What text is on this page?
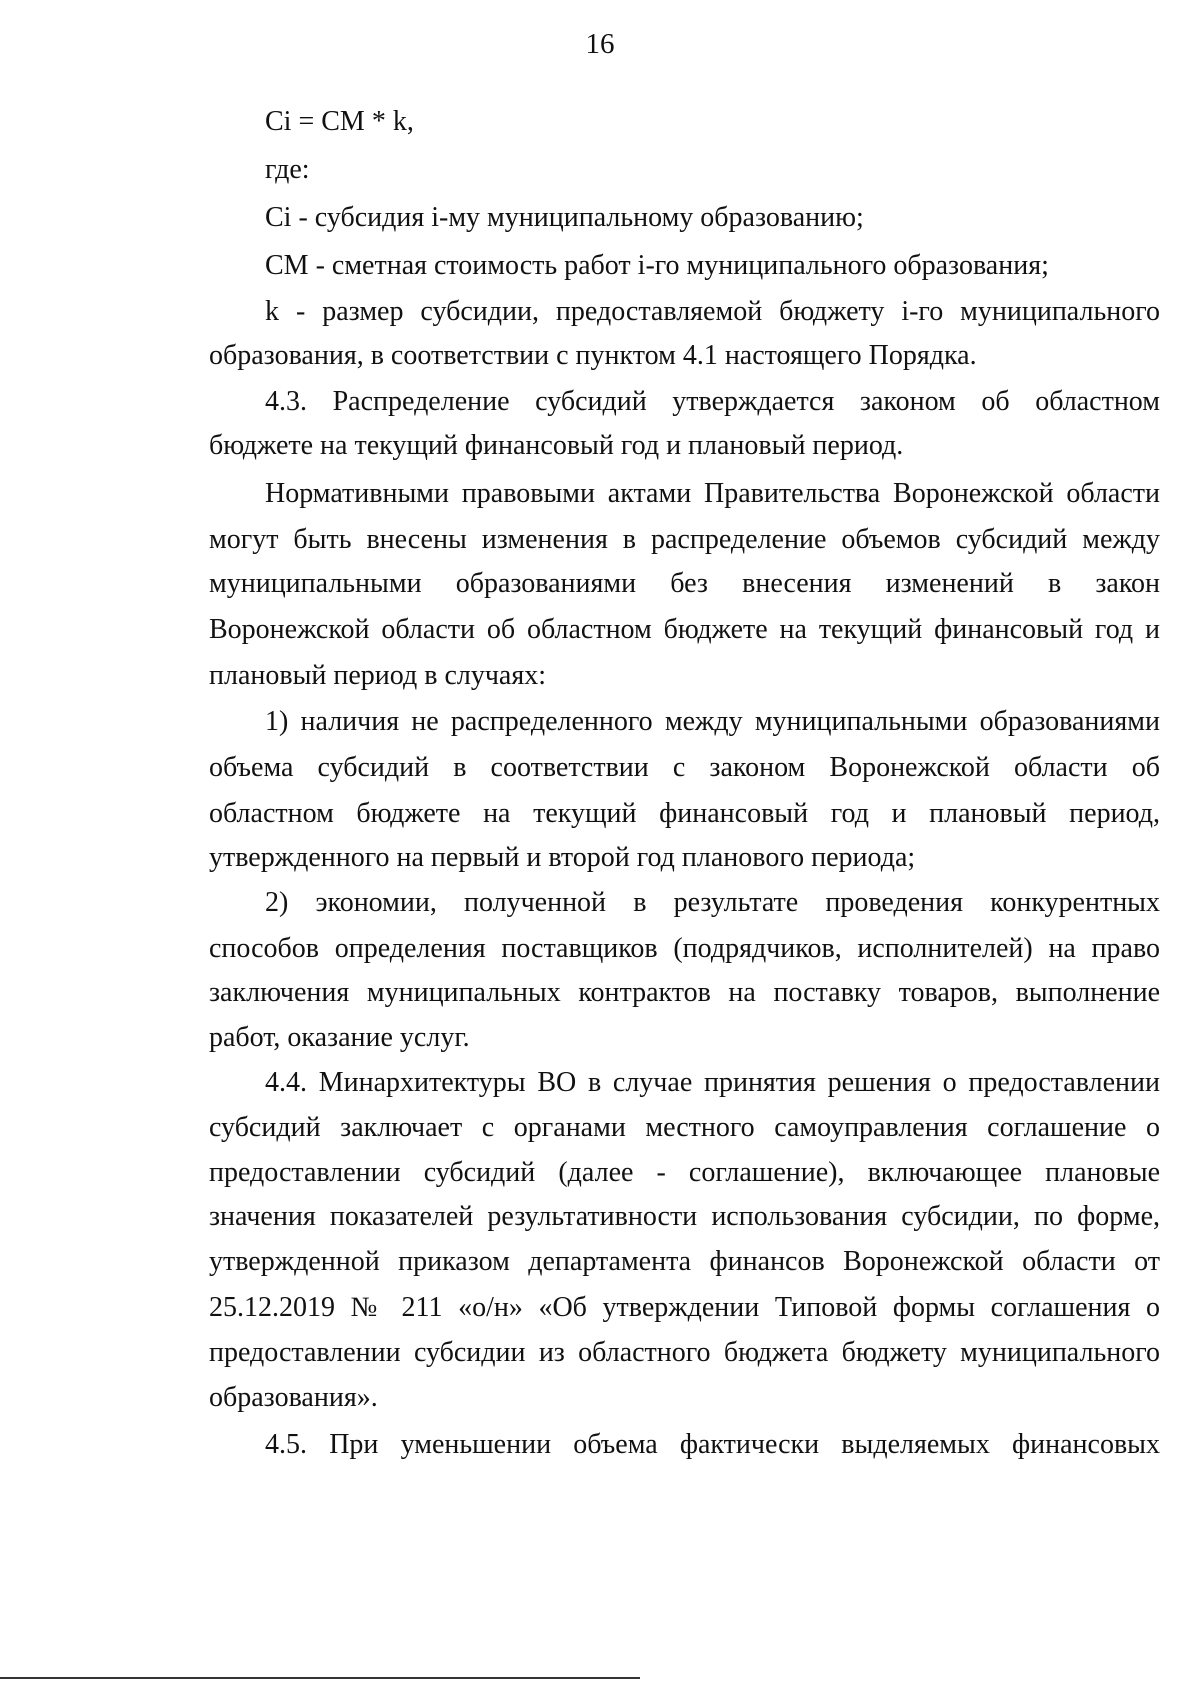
16
Ci = СМ * k,
где:
Ci - субсидия i-му муниципальному образованию;
СМ - сметная стоимость работ i-го муниципального образования;
k - размер субсидии, предоставляемой бюджету i-го муниципального
образования, в соответствии с пунктом 4.1 настоящего Порядка.
4.3. Распределение субсидий утверждается законом об областном
бюджете на текущий финансовый год и плановый период.
Нормативными правовыми актами Правительства Воронежской области
могут быть внесены изменения в распределение объемов субсидий между
муниципальными образованиями без внесения изменений в закон
Воронежской области об областном бюджете на текущий финансовый год и
плановый период в случаях:
1) наличия не распределенного между муниципальными образованиями
объема субсидий в соответствии с законом Воронежской области об
областном бюджете на текущий финансовый год и плановый период,
утвержденного на первый и второй год планового периода;
2) экономии, полученной в результате проведения конкурентных
способов определения поставщиков (подрядчиков, исполнителей) на право
заключения муниципальных контрактов на поставку товаров, выполнение
работ, оказание услуг.
4.4. Минархитектуры ВО в случае принятия решения о предоставлении
субсидий заключает с органами местного самоуправления соглашение о
предоставлении субсидий (далее - соглашение), включающее плановые
значения показателей результативности использования субсидии, по форме,
утвержденной приказом департамента финансов Воронежской области от
25.12.2019 № 211 «о/н» «Об утверждении Типовой формы соглашения о
предоставлении субсидии из областного бюджета бюджету муниципального
образования».
4.5. При уменьшении объема фактически выделяемых финансовых
